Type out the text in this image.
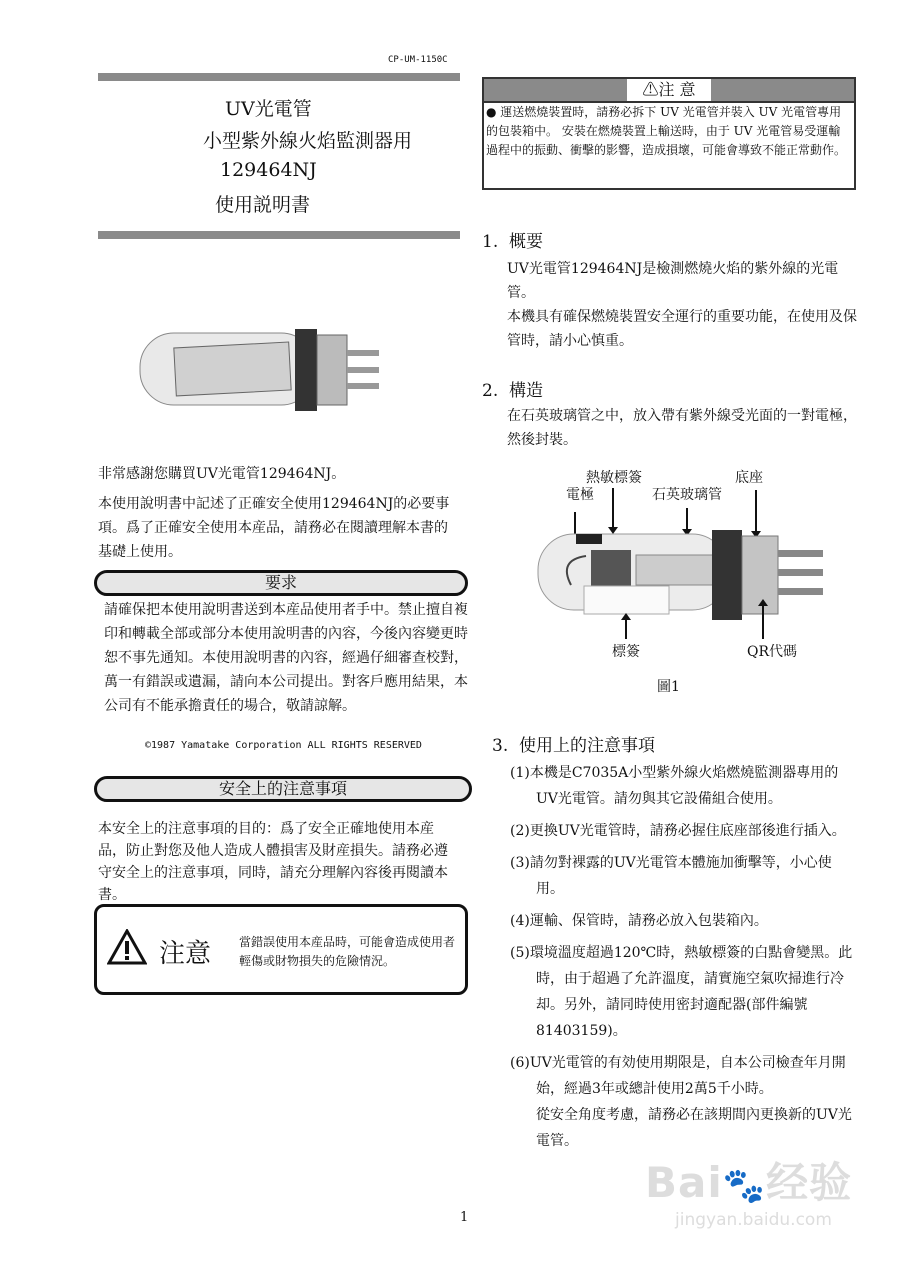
CP-UM-1150C
UV光電管
小型紫外線火焰監測器用
129464NJ
使用説明書
非常感謝您購買UV光電管129464NJ。
本使用說明書中記述了正確安全使用129464NJ的必要事項。爲了正確安全使用本産品，請務必在閱讀理解本書的基礎上使用。
要求
請確保把本使用說明書送到本産品使用者手中。禁止擅自複印和轉載全部或部分本使用說明書的內容，今後內容變更時恕不事先通知。本使用說明書的內容，經過仔細審查校對，萬一有錯誤或遺漏，請向本公司提出。對客戶應用結果，本公司有不能承擔責任的場合，敬請諒解。
©1987 Yamatake Corporation ALL RIGHTS RESERVED
安全上的注意事項
本安全上的注意事項的目的：爲了安全正確地使用本産品，防止對您及他人造成人體損害及財産損失。請務必遵守安全上的注意事項，同時，請充分理解內容後再閱讀本書。
注意 當錯誤使用本産品時，可能會造成使用者輕傷或財物損失的危險情況。
⚠注 意
● 運送燃燒裝置時，請務必拆下 UV 光電管并裝入 UV 光電管專用的包裝箱中。 安裝在燃燒裝置上輸送時，由于 UV 光電管易受運輸過程中的振動、衝擊的影響，造成損壞，可能會導致不能正常動作。
1. 概要
UV光電管129464NJ是檢測燃燒火焰的紫外線的光電管。
本機具有確保燃燒裝置安全運行的重要功能，在使用及保管時，請小心慎重。
2. 構造
在石英玻璃管之中，放入帶有紫外線受光面的一對電極，然後封裝。
熱敏標簽
電極	石英玻璃管
底座
標簽	QR代碼
圖1
3. 使用上的注意事項
(1)本機是C7035A小型紫外線火焰燃燒監測器專用的UV光電管。請勿與其它設備組合使用。
(2)更換UV光電管時，請務必握住底座部後進行插入。
(3)請勿對裸露的UV光電管本體施加衝擊等，小心使用。
(4)運輸、保管時，請務必放入包裝箱內。
(5)環境溫度超過120℃時，熱敏標簽的白點會變黑。此時，由于超過了允許溫度，請實施空氣吹掃進行冷却。另外，請同時使用密封適配器(部件編號81403159)。
(6)UV光電管的有効使用期限是，自本公司檢查年月開始，經過3年或總計使用2萬5千小時。
從安全角度考慮，請務必在該期間內更換新的UV光電管。
1
Bai🐾经验
jingyan.baidu.com
